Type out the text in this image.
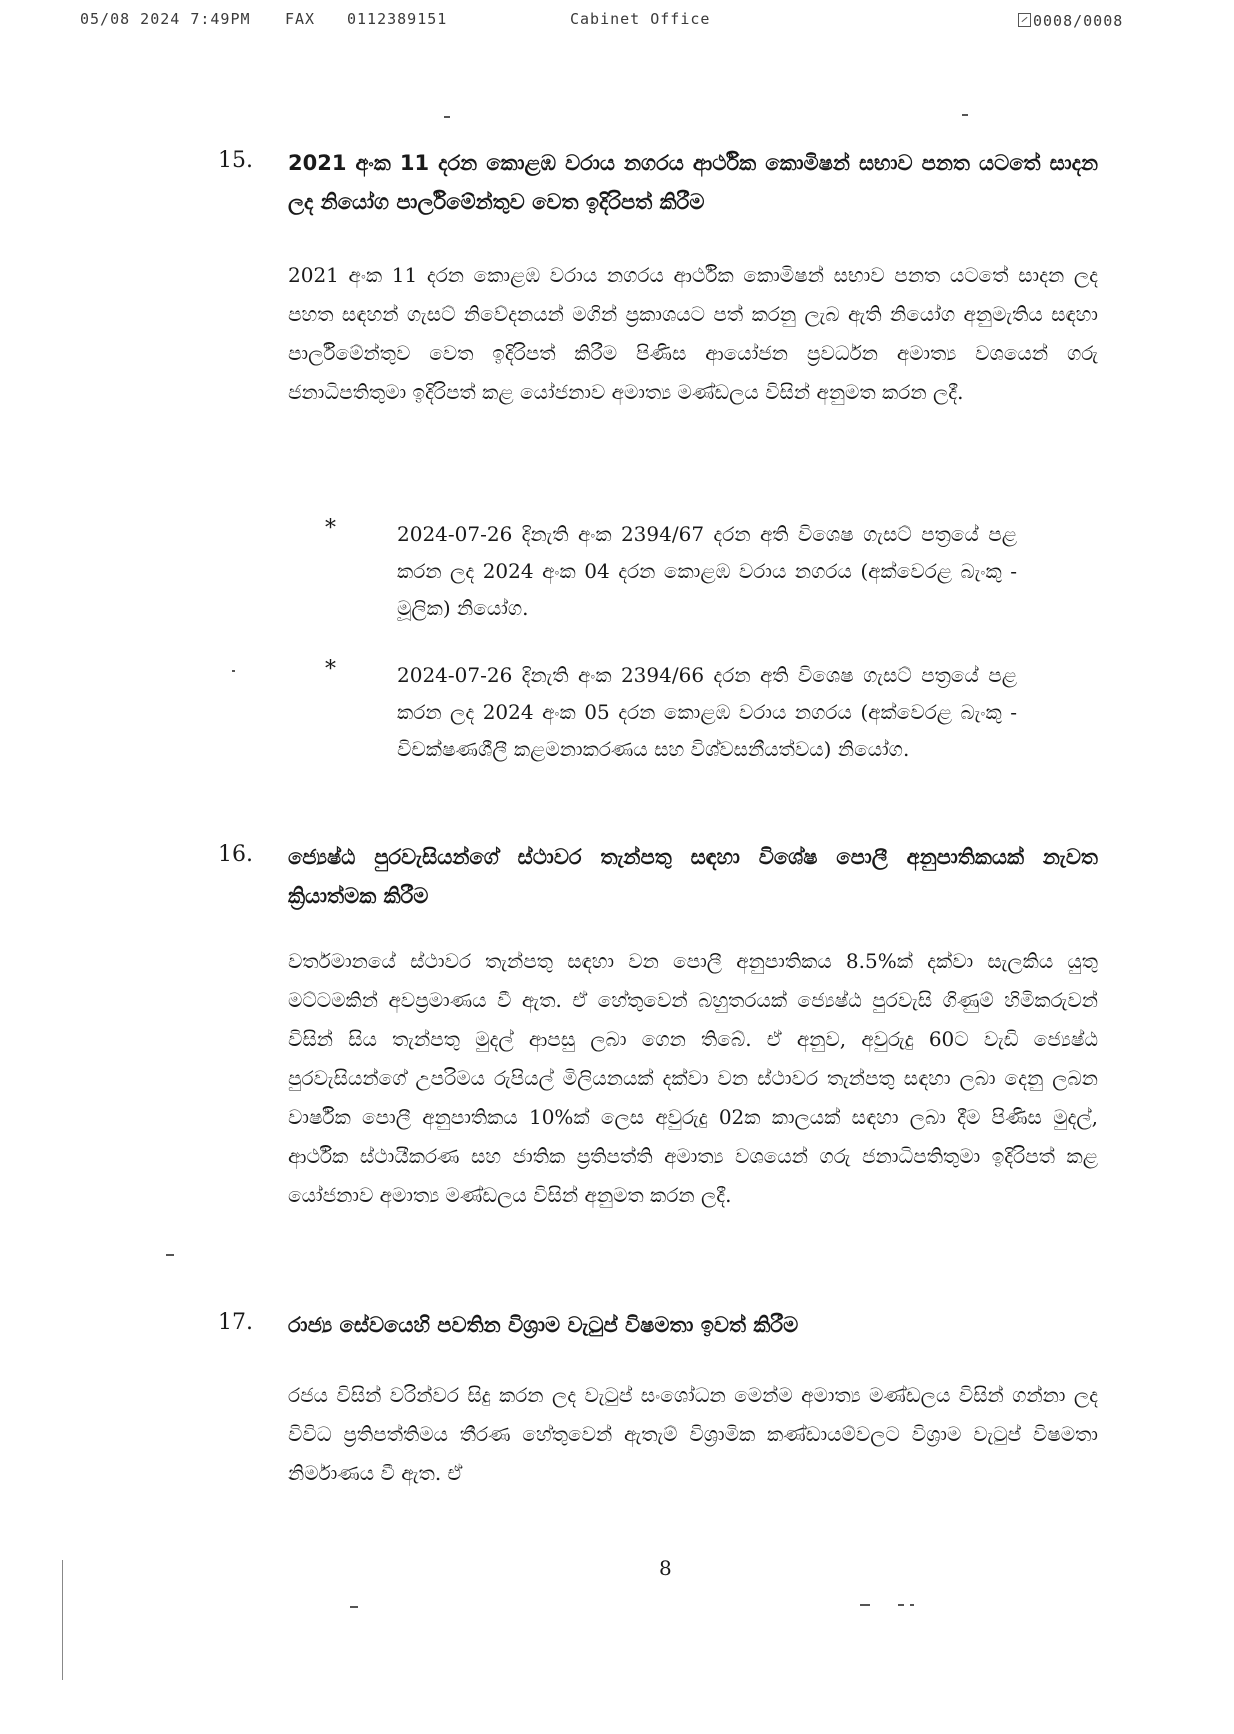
05/08 2024 7:49PM FAX 0112389151	Cabinet Office	0008/0008
15. 2021 අංක 11 දරන කොළඹ වරාය නගරය ආර්ථික කොමිෂන් සභාව පනත යටතේ සාදන ලද නියෝග පාර්ලිමේන්තුව වෙත ඉදිරිපත් කිරීම

2021 අංක 11 දරන කොළඹ වරාය නගරය ආර්ථික කොමිෂන් සභාව පනත යටතේ සාදන ලද පහත සඳහන් ගැසට් නිවේදනයන් මගින් ප්‍රකාශයට පත් කරනු ලැබ ඇති නියෝග අනුමැතිය සඳහා පාර්ලිමේන්තුව වෙත ඉදිරිපත් කිරීම පිණිස ආයෝජන ප්‍රවර්ධන අමාත්‍ය වශයෙන් ගරු ජනාධිපතිතුමා ඉදිරිපත් කළ යෝජනාව අමාත්‍ය මණ්ඩලය විසින් අනුමත කරන ලදී.

*	2024-07-26 දිනැති අංක 2394/67 දරන අති විශෙෂ ගැසට් පත්‍රයේ පළ කරන ලද 2024 අංක 04 දරන කොළඹ වරාය නගරය (අක්වෙරළ බැංකු - මූලික) නියෝග.

*	2024-07-26 දිනැති අංක 2394/66 දරන අති විශෙෂ ගැසට් පත්‍රයේ පළ කරන ලද 2024 අංක 05 දරන කොළඹ වරාය නගරය (අක්වෙරළ බැංකු - විචක්ෂණශීලී කළමනාකරණය සහ විශ්වසනීයත්වය) නියෝග.

16. ජ්‍යෙෂ්ඨ පුරවැසියන්ගේ ස්ථාවර තැන්පතු සඳහා විශේෂ පොලී අනුපාතිකයක් නැවත ක්‍රියාත්මක කිරීම

වර්තමානයේ ස්ථාවර තැන්පතු සඳහා වන පොලී අනුපාතිකය 8.5%ක් දක්වා සැලකිය යුතු මට්ටමකින් අවප්‍රමාණය වී ඇත. ඒ හේතුවෙන් බහුතරයක් ජ්‍යෙෂ්ඨ පුරවැසි ගිණුම් හිමිකරුවන් විසින් සිය තැන්පතු මුදල් ආපසු ලබා ගෙන තිබේ. ඒ අනුව, අවුරුදු 60ට වැඩි ජ්‍යෙෂ්ඨ පුරවැසියන්ගේ උපරිමය රුපියල් මිලියනයක් දක්වා වන ස්ථාවර තැන්පතු සඳහා ලබා දෙනු ලබන වාර්ෂික පොලී අනුපාතිකය 10%ක් ලෙස අවුරුදු 02ක කාලයක් සඳහා ලබා දීම පිණිස මුදල්, ආර්ථික ස්ථායීකරණ සහ ජාතික ප්‍රතිපත්ති අමාත්‍ය වශයෙන් ගරු ජනාධිපතිතුමා ඉදිරිපත් කළ යෝජනාව අමාත්‍ය මණ්ඩලය විසින් අනුමත කරන ලදී.

17. රාජ්‍ය සේවයෙහි පවතින විශ්‍රාම වැටුප් විෂමතා ඉවත් කිරීම

රජය විසින් වරින්වර සිදු කරන ලද වැටුප් සංශෝධන මෙන්ම අමාත්‍ය මණ්ඩලය විසින් ගන්නා ලද විවිධ ප්‍රතිපත්තිමය තීරණ හේතුවෙන් ඇතැම් විශ්‍රාමික කණ්ඩායම්වලට විශ්‍රාම වැටුප් විෂමතා නිර්මාණය වී ඇත. ඒ

8
